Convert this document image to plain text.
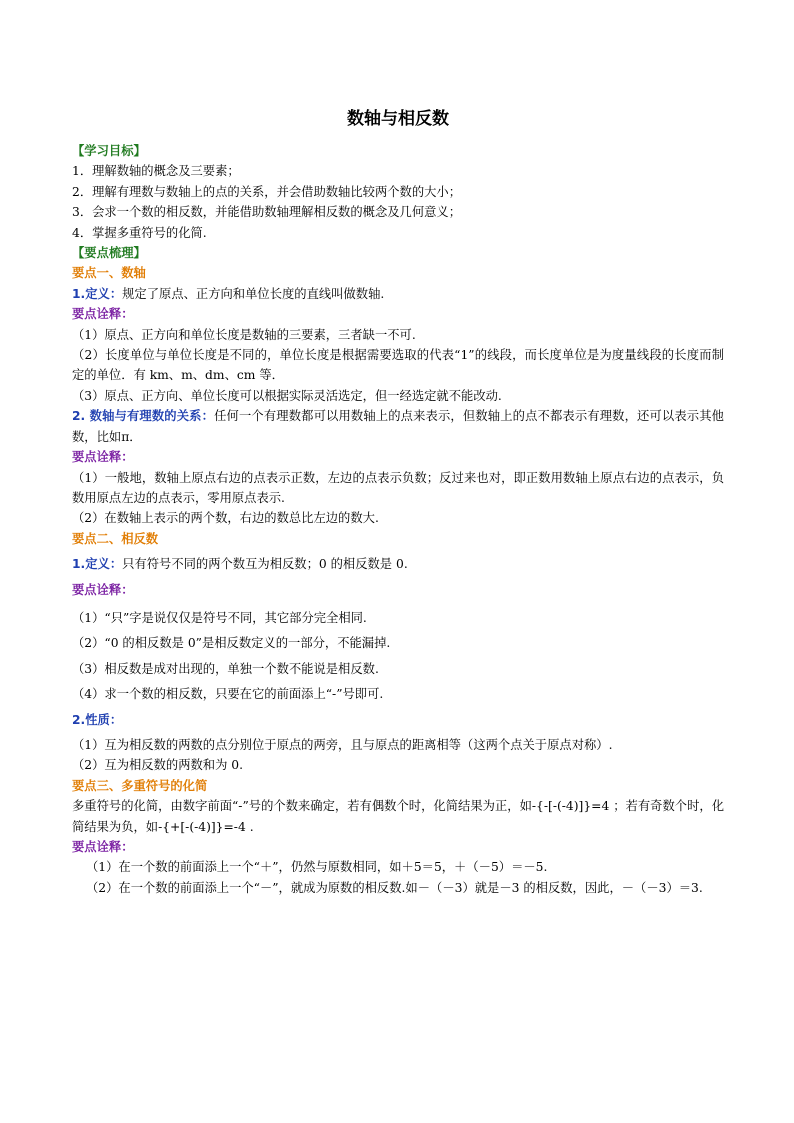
数轴与相反数
【学习目标】
1．理解数轴的概念及三要素；
2．理解有理数与数轴上的点的关系，并会借助数轴比较两个数的大小；
3．会求一个数的相反数，并能借助数轴理解相反数的概念及几何意义；
4．掌握多重符号的化简.
【要点梳理】
要点一、数轴
1.定义：规定了原点、正方向和单位长度的直线叫做数轴.
要点诠释：
（1）原点、正方向和单位长度是数轴的三要素，三者缺一不可.
（2）长度单位与单位长度是不同的，单位长度是根据需要选取的代表“1”的线段，而长度单位是为度量线段的长度而制定的单位．有 km、m、dm、cm 等．
（3）原点、正方向、单位长度可以根据实际灵活选定，但一经选定就不能改动.
2. 数轴与有理数的关系：任何一个有理数都可以用数轴上的点来表示，但数轴上的点不都表示有理数，还可以表示其他数，比如π．
要点诠释：
（1）一般地，数轴上原点右边的点表示正数，左边的点表示负数；反过来也对，即正数用数轴上原点右边的点表示，负数用原点左边的点表示，零用原点表示.
（2）在数轴上表示的两个数，右边的数总比左边的数大.
要点二、相反数
1.定义：只有符号不同的两个数互为相反数；0 的相反数是 0.
要点诠释：
（1）“只”字是说仅仅是符号不同，其它部分完全相同.
（2）“0 的相反数是 0”是相反数定义的一部分，不能漏掉.
（3）相反数是成对出现的，单独一个数不能说是相反数.
（4）求一个数的相反数，只要在它的前面添上“-”号即可.
2.性质：
（1）互为相反数的两数的点分别位于原点的两旁，且与原点的距离相等（这两个点关于原点对称）.
（2）互为相反数的两数和为 0.
要点三、多重符号的化简
多重符号的化简，由数字前面“-”号的个数来确定，若有偶数个时，化简结果为正，如-{-[-(-4)]}=4 ；若有奇数个时，化简结果为负，如-{+[-(-4)]}=-4 .
要点诠释：
（1）在一个数的前面添上一个“＋”，仍然与原数相同，如＋5＝5，＋（－5）＝－5.
（2）在一个数的前面添上一个“－”，就成为原数的相反数.如－（－3）就是－3 的相反数，因此，－（－3）＝3.
